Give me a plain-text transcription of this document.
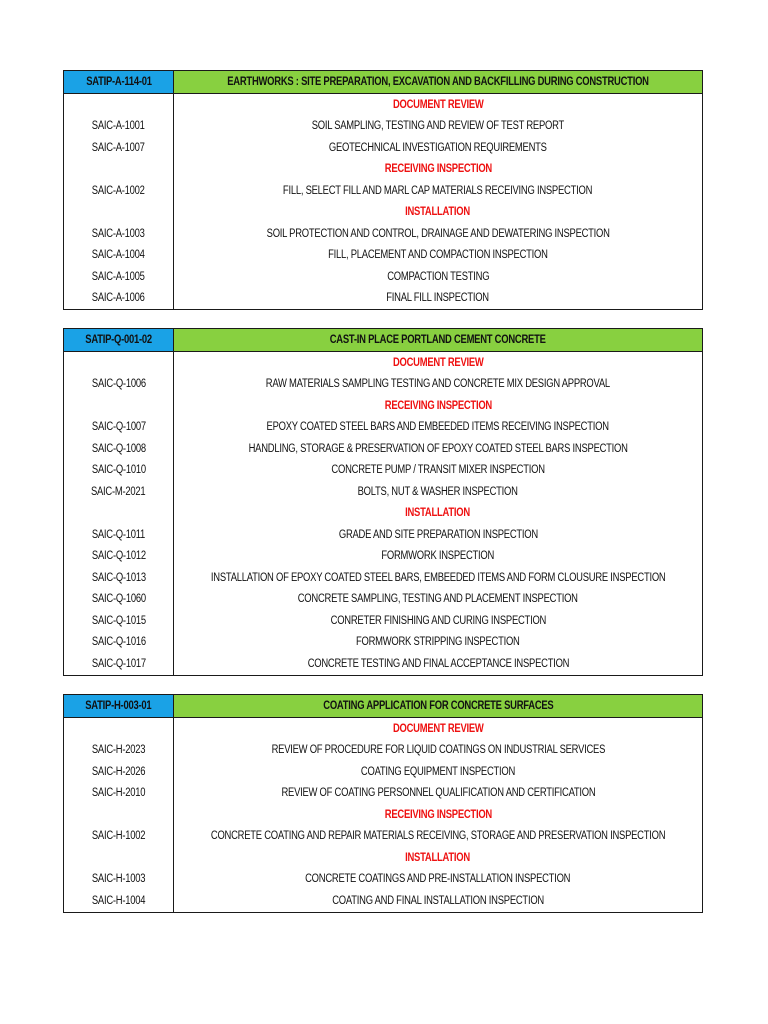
SATIP-A-114-01	EARTHWORKS : SITE PREPARATION, EXCAVATION AND BACKFILLING DURING CONSTRUCTION
DOCUMENT REVIEW
SAIC-A-1001	SOIL SAMPLING, TESTING AND REVIEW OF TEST REPORT
SAIC-A-1007	GEOTECHNICAL INVESTIGATION REQUIREMENTS
RECEIVING INSPECTION
SAIC-A-1002	FILL, SELECT FILL AND MARL CAP MATERIALS RECEIVING INSPECTION
INSTALLATION
SAIC-A-1003	SOIL PROTECTION AND CONTROL, DRAINAGE AND DEWATERING INSPECTION
SAIC-A-1004	FILL, PLACEMENT AND COMPACTION INSPECTION
SAIC-A-1005	COMPACTION TESTING
SAIC-A-1006	FINAL FILL INSPECTION
SATIP-Q-001-02	CAST-IN PLACE PORTLAND CEMENT CONCRETE
DOCUMENT REVIEW
SAIC-Q-1006	RAW MATERIALS SAMPLING TESTING AND CONCRETE MIX DESIGN APPROVAL
RECEIVING INSPECTION
SAIC-Q-1007	EPOXY COATED STEEL BARS AND EMBEEDED ITEMS RECEIVING INSPECTION
SAIC-Q-1008	HANDLING, STORAGE & PRESERVATION OF EPOXY COATED STEEL BARS INSPECTION
SAIC-Q-1010	CONCRETE PUMP / TRANSIT MIXER INSPECTION
SAIC-M-2021	BOLTS, NUT & WASHER INSPECTION
INSTALLATION
SAIC-Q-1011	GRADE AND SITE PREPARATION INSPECTION
SAIC-Q-1012	FORMWORK INSPECTION
SAIC-Q-1013	INSTALLATION OF EPOXY COATED STEEL BARS, EMBEEDED ITEMS AND FORM CLOUSURE INSPECTION
SAIC-Q-1060	CONCRETE SAMPLING, TESTING AND PLACEMENT INSPECTION
SAIC-Q-1015	CONRETER FINISHING AND CURING INSPECTION
SAIC-Q-1016	FORMWORK STRIPPING INSPECTION
SAIC-Q-1017	CONCRETE TESTING AND FINAL ACCEPTANCE INSPECTION
SATIP-H-003-01	COATING APPLICATION FOR CONCRETE SURFACES
DOCUMENT REVIEW
SAIC-H-2023	REVIEW OF PROCEDURE FOR LIQUID COATINGS ON INDUSTRIAL SERVICES
SAIC-H-2026	COATING EQUIPMENT INSPECTION
SAIC-H-2010	REVIEW OF COATING PERSONNEL QUALIFICATION AND CERTIFICATION
RECEIVING INSPECTION
SAIC-H-1002	CONCRETE COATING AND REPAIR MATERIALS RECEIVING, STORAGE AND PRESERVATION INSPECTION
INSTALLATION
SAIC-H-1003	CONCRETE COATINGS AND PRE-INSTALLATION INSPECTION
SAIC-H-1004	COATING AND FINAL INSTALLATION INSPECTION
